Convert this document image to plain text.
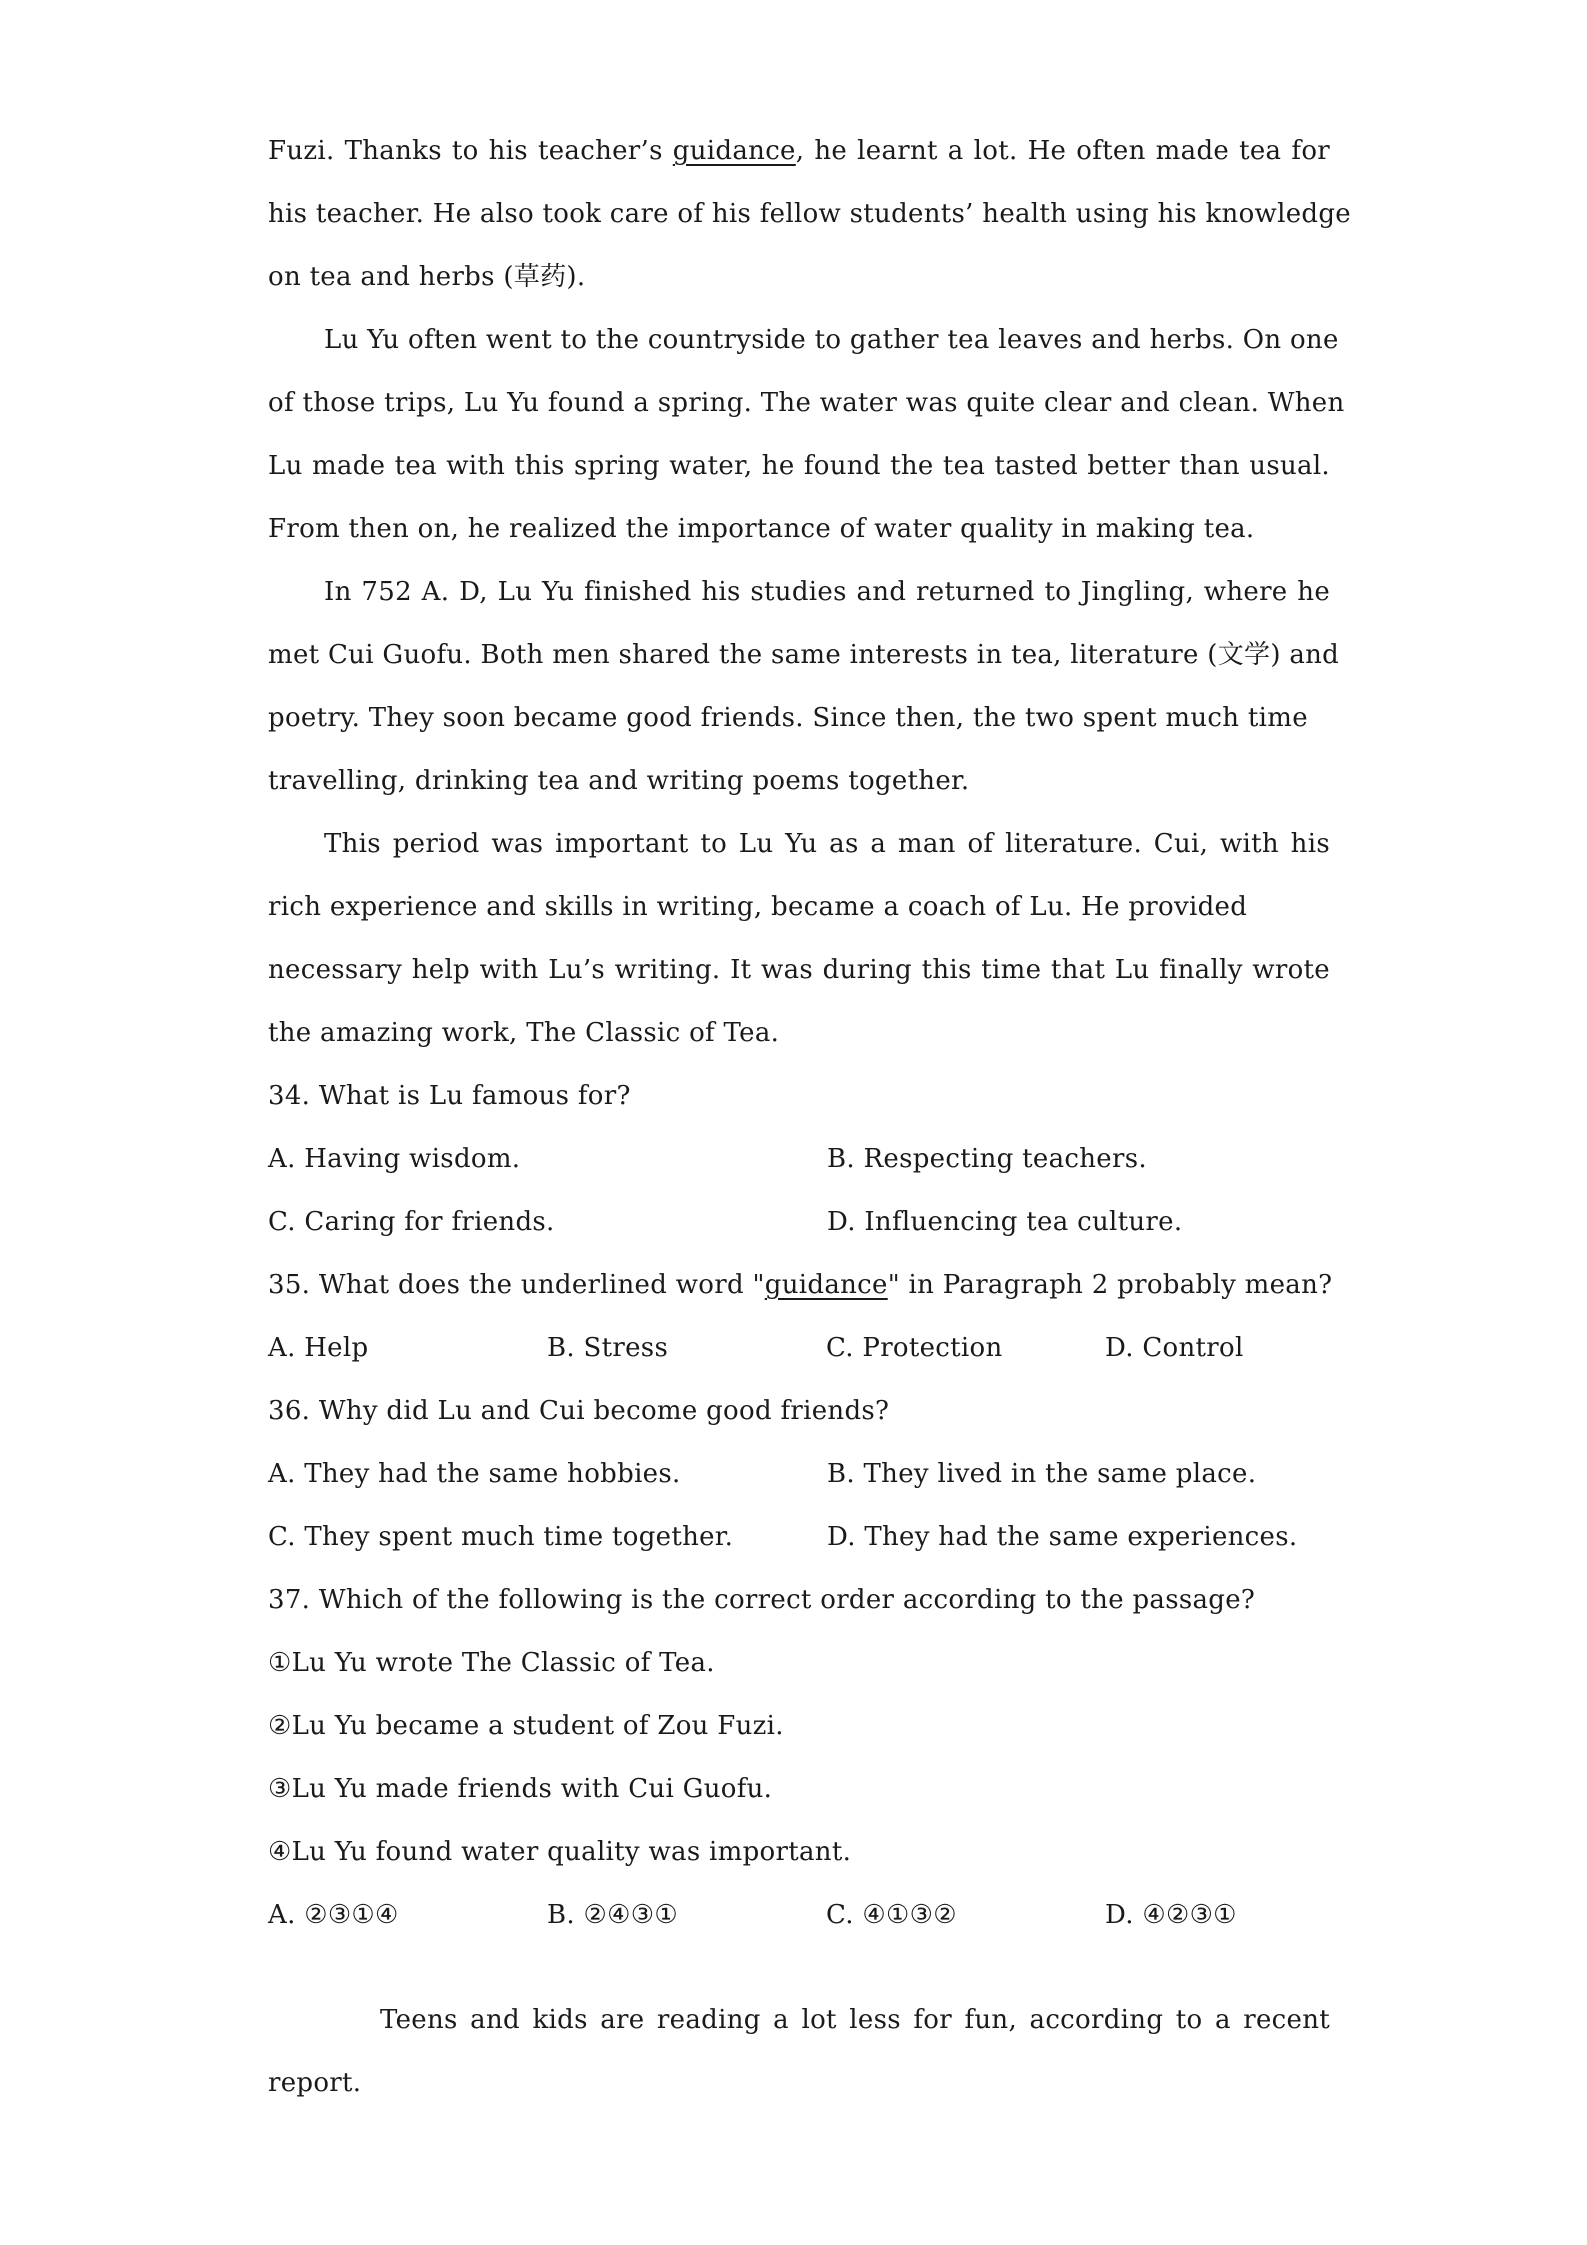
Fuzi. Thanks to his teacher’s guidance, he learnt a lot. He often made tea for
his teacher. He also took care of his fellow students’ health using his knowledge
on tea and herbs (草药).
Lu Yu often went to the countryside to gather tea leaves and herbs. On one
of those trips, Lu Yu found a spring. The water was quite clear and clean. When
Lu made tea with this spring water, he found the tea tasted better than usual.
From then on, he realized the importance of water quality in making tea.
In 752 A. D, Lu Yu finished his studies and returned to Jingling, where he
met Cui Guofu. Both men shared the same interests in tea, literature (文学) and
poetry. They soon became good friends. Since then, the two spent much time
travelling, drinking tea and writing poems together.
This period was important to Lu Yu as a man of literature. Cui, with his
rich experience and skills in writing, became a coach of Lu. He provided
necessary help with Lu’s writing. It was during this time that Lu finally wrote
the amazing work, The Classic of Tea.
34. What is Lu famous for?
A. Having wisdom.	B. Respecting teachers.
C. Caring for friends.	D. Influencing tea culture.
35. What does the underlined word "guidance" in Paragraph 2 probably mean?
A. Help	B. Stress	C. Protection	D. Control
36. Why did Lu and Cui become good friends?
A. They had the same hobbies.	B. They lived in the same place.
C. They spent much time together.	D. They had the same experiences.
37. Which of the following is the correct order according to the passage?
①Lu Yu wrote The Classic of Tea.
②Lu Yu became a student of Zou Fuzi.
③Lu Yu made friends with Cui Guofu.
④Lu Yu found water quality was important.
A. ②③①④	B. ②④③①	C. ④①③②	D. ④②③①
Teens and kids are reading a lot less for fun, according to a recent
report.
